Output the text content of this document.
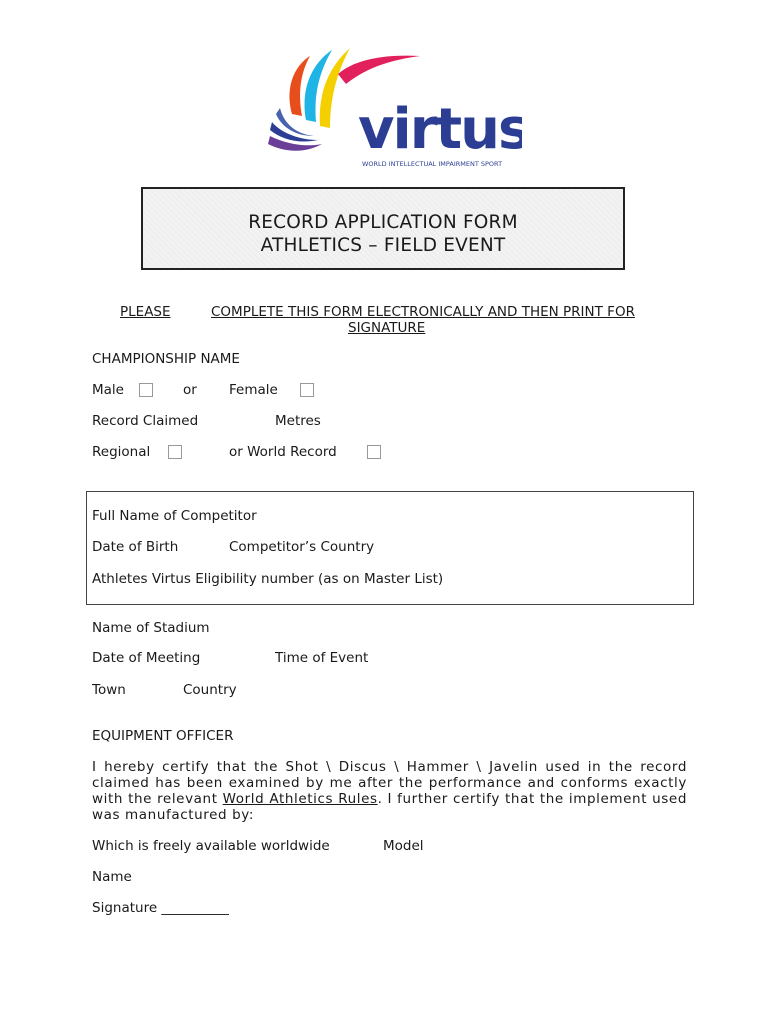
virtus
WORLD INTELLECTUAL IMPAIRMENT SPORT
RECORD APPLICATION FORM
ATHLETICS – FIELD EVENT
PLEASE	COMPLETE THIS FORM ELECTRONICALLY AND THEN PRINT FOR
SIGNATURE
CHAMPIONSHIP NAME
Male	or Female
Record Claimed	Metres
Regional	or World Record
Full Name of Competitor
Date of Birth	Competitor’s Country
Athletes Virtus Eligibility number (as on Master List)
Name of Stadium
Date of Meeting	Time of Event
Town	Country
EQUIPMENT OFFICER
I hereby certify that the Shot \ Discus \ Hammer \ Javelin used in the record claimed has been examined by me after the performance and conforms exactly with the relevant World Athletics Rules. I further certify that the implement used was manufactured by:
Which is freely available worldwide	Model
Name
Signature __________
